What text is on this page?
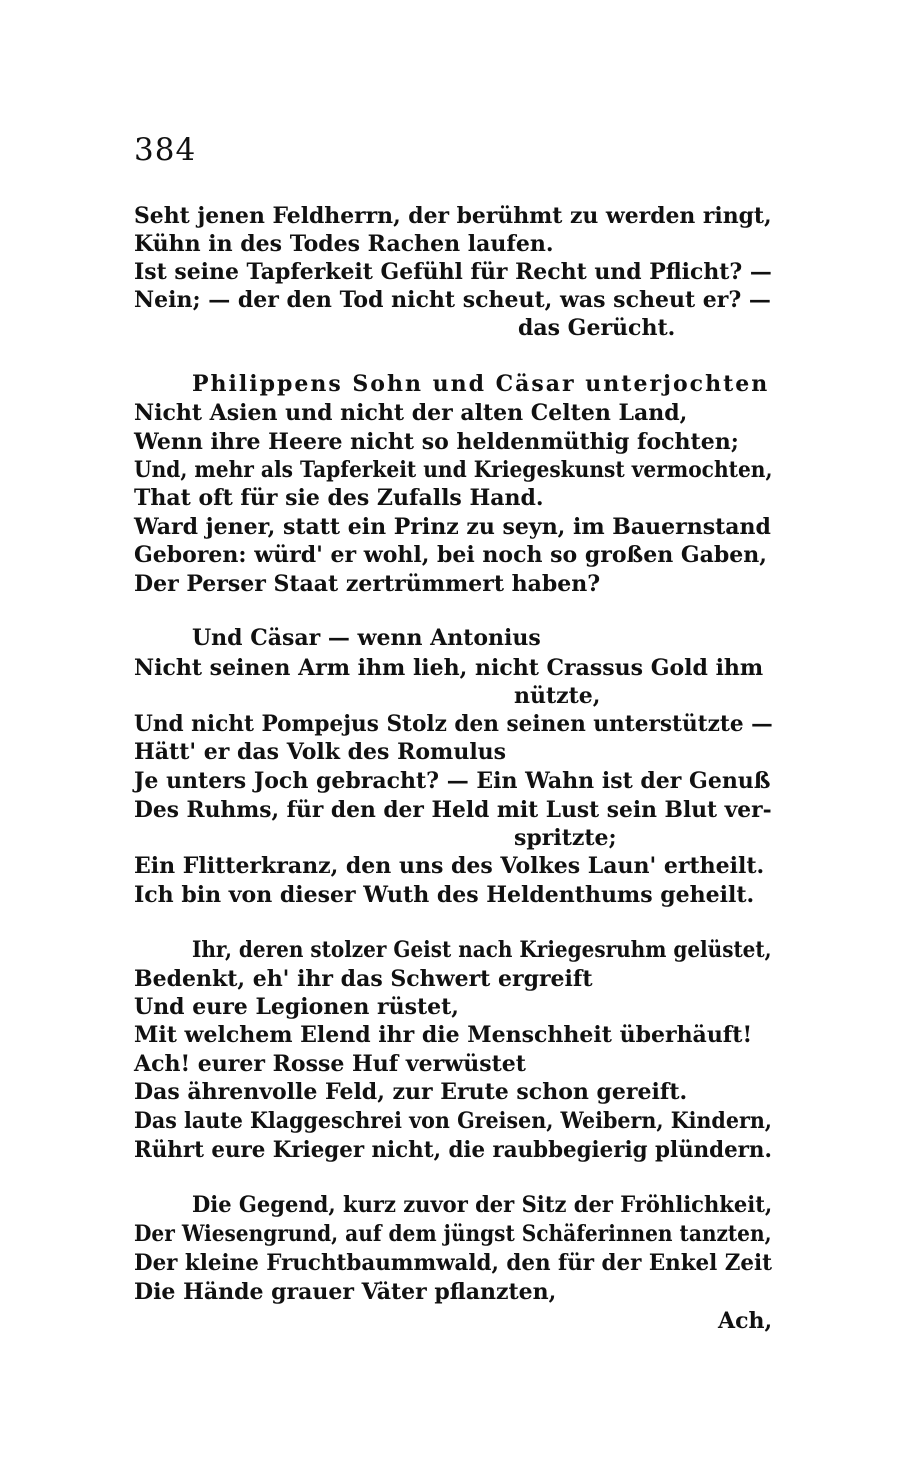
384
Seht jenen Feldherrn, der berühmt zu werden ringt,
Kühn in des Todes Rachen laufen.
Ist seine Tapferkeit Gefühl für Recht und Pflicht? —
Nein; — der den Tod nicht scheut, was scheut er? —
das Gerücht.
Philippens Sohn und Cäsar unterjochten
Nicht Asien und nicht der alten Celten Land,
Wenn ihre Heere nicht so heldenmüthig fochten;
Und, mehr als Tapferkeit und Kriegeskunst vermochten,
That oft für sie des Zufalls Hand.
Ward jener, statt ein Prinz zu seyn, im Bauernstand
Geboren: würd' er wohl, bei noch so großen Gaben,
Der Perser Staat zertrümmert haben?
Und Cäsar — wenn Antonius
Nicht seinen Arm ihm lieh, nicht Crassus Gold ihm
nützte,
Und nicht Pompejus Stolz den seinen unterstützte —
Hätt' er das Volk des Romulus
Je unters Joch gebracht? — Ein Wahn ist der Genuß
Des Ruhms, für den der Held mit Lust sein Blut ver-
spritzte;
Ein Flitterkranz, den uns des Volkes Laun' ertheilt.
Ich bin von dieser Wuth des Heldenthums geheilt.
Ihr, deren stolzer Geist nach Kriegesruhm gelüstet,
Bedenkt, eh' ihr das Schwert ergreift
Und eure Legionen rüstet,
Mit welchem Elend ihr die Menschheit überhäuft!
Ach! eurer Rosse Huf verwüstet
Das ährenvolle Feld, zur Erute schon gereift.
Das laute Klaggeschrei von Greisen, Weibern, Kindern,
Rührt eure Krieger nicht, die raubbegierig plündern.
Die Gegend, kurz zuvor der Sitz der Fröhlichkeit,
Der Wiesengrund, auf dem jüngst Schäferinnen tanzten,
Der kleine Fruchtbaummwald, den für der Enkel Zeit
Die Hände grauer Väter pflanzten,
Ach,
